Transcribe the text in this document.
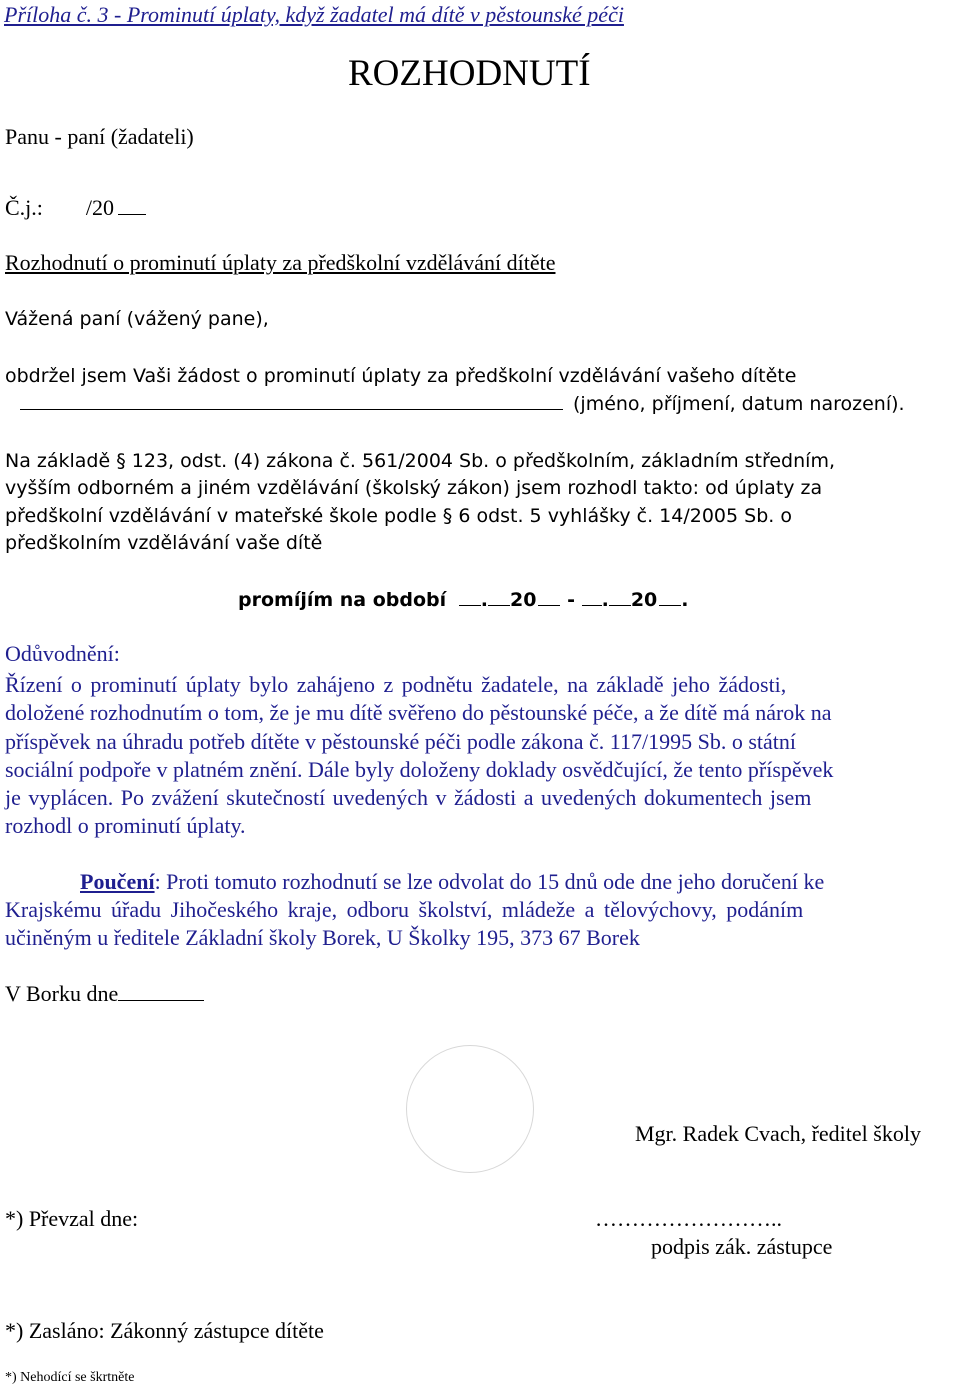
Příloha č. 3 - Prominutí úplaty, když žadatel má dítě v pěstounské péči
ROZHODNUTÍ
Panu - paní (žadateli)
Č.j.: /20
Rozhodnutí o prominutí úplaty za předškolní vzdělávání dítěte
Vážená paní (vážený pane),
obdržel jsem Vaši žádost o prominutí úplaty za předškolní vzdělávání vašeho dítěte
(jméno, příjmení, datum narození).
Na základě § 123, odst. (4) zákona č. 561/2004 Sb. o předškolním, základním středním,
vyšším odborném a jiném vzdělávání (školský zákon) jsem rozhodl takto: od úplaty za
předškolní vzdělávání v mateřské škole podle § 6 odst. 5 vyhlášky č. 14/2005 Sb. o
předškolním vzdělávání vaše dítě
promíjím na období . 20 - . 20 .
Odůvodnění:
Řízení o prominutí úplaty bylo zahájeno z podnětu žadatele, na základě jeho žádosti,
doložené rozhodnutím o tom, že je mu dítě svěřeno do pěstounské péče, a že dítě má nárok na
příspěvek na úhradu potřeb dítěte v pěstounské péči podle zákona č. 117/1995 Sb. o státní
sociální podpoře v platném znění. Dále byly doloženy doklady osvědčující, že tento příspěvek
je vyplácen. Po zvážení skutečností uvedených v žádosti a uvedených dokumentech jsem
rozhodl o prominutí úplaty.
Poučení: Proti tomuto rozhodnutí se lze odvolat do 15 dnů ode dne jeho doručení ke
Krajskému úřadu Jihočeského kraje, odboru školství, mládeže a tělovýchovy, podáním
učiněným u ředitele Základní školy Borek, U Školky 195, 373 67 Borek
V Borku dne
Mgr. Radek Cvach, ředitel školy
*) Převzal dne:	……………………..
podpis zák. zástupce
*) Zasláno: Zákonný zástupce dítěte
*) Nehodící se škrtněte
